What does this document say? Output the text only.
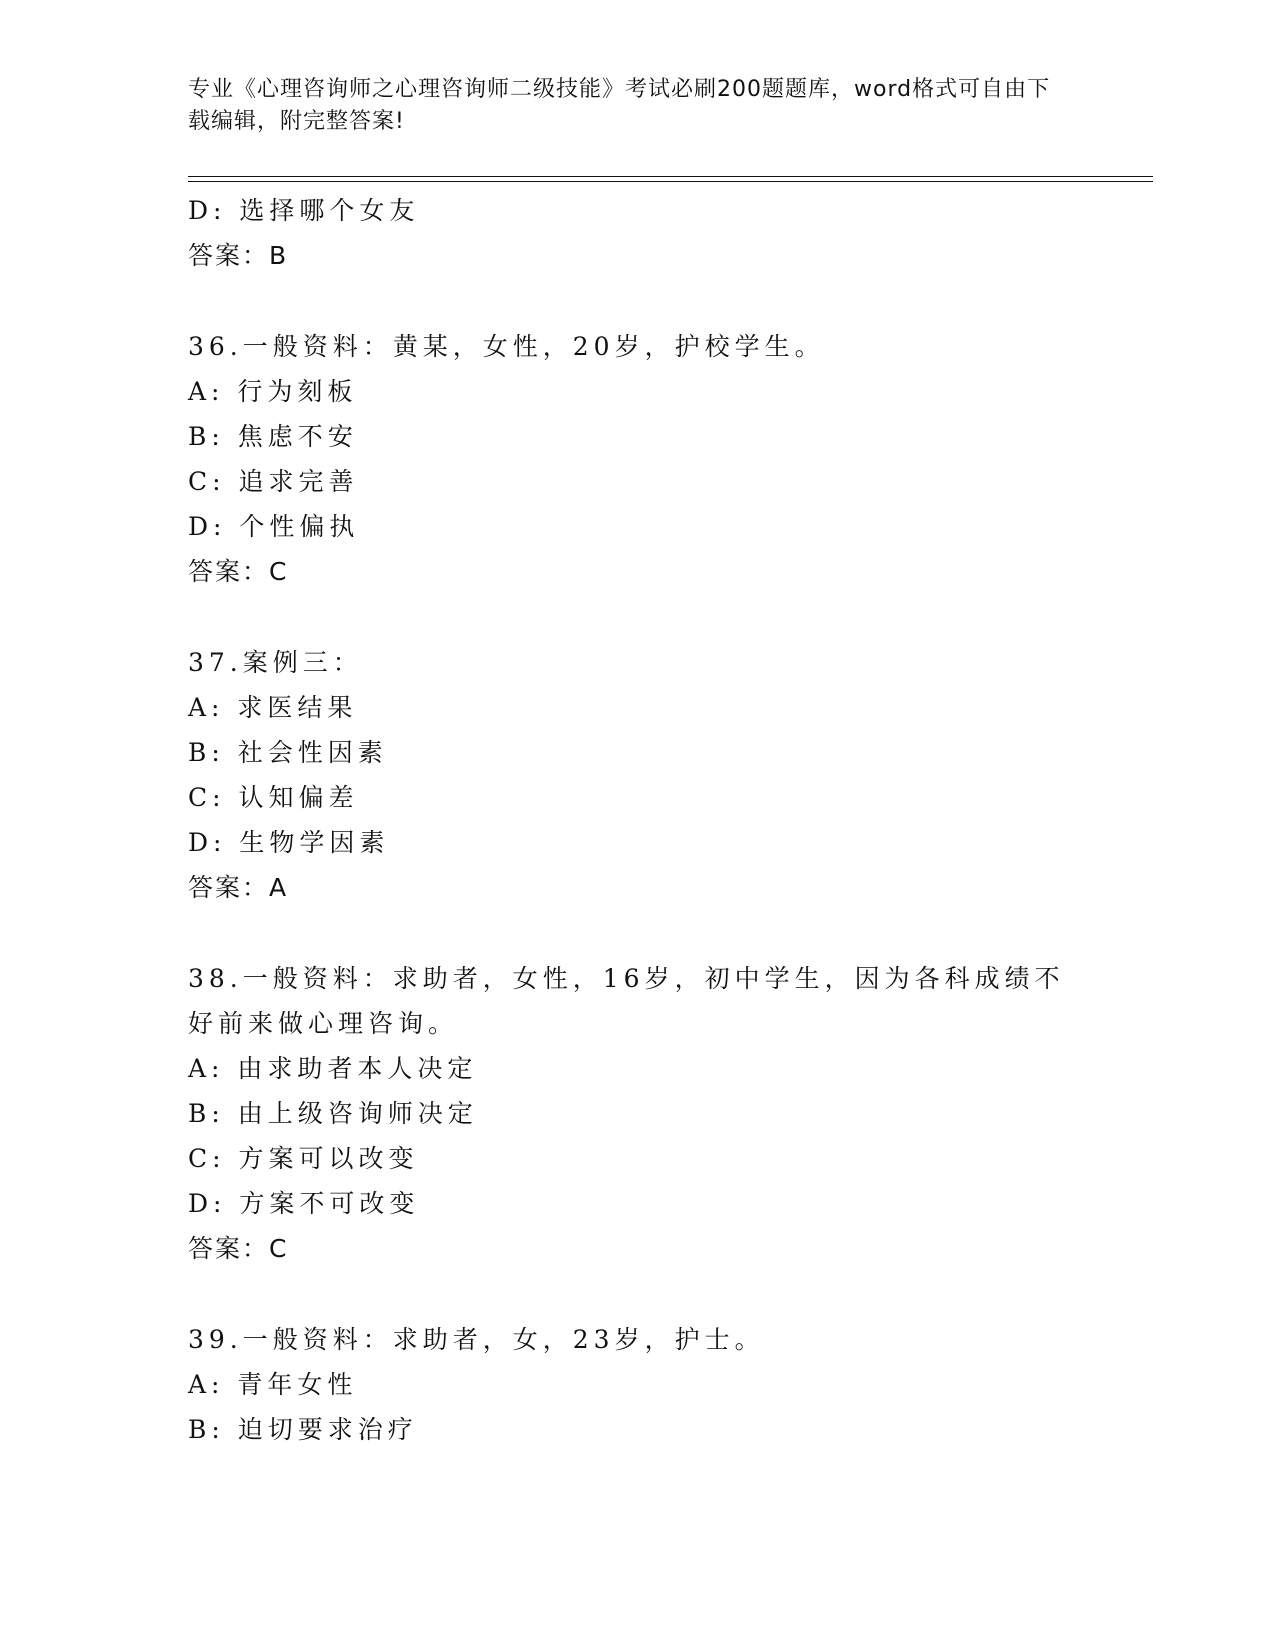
专业《心理咨询师之心理咨询师二级技能》考试必刷200题题库，word格式可自由下载编辑，附完整答案!
D: 选择哪个女友
答案：B
36.一般资料：黄某，女性，20岁，护校学生。
A: 行为刻板
B: 焦虑不安
C: 追求完善
D: 个性偏执
答案：C
37.案例三：
A: 求医结果
B: 社会性因素
C: 认知偏差
D: 生物学因素
答案：A
38.一般资料：求助者，女性，16岁，初中学生，因为各科成绩不好前来做心理咨询。
A: 由求助者本人决定
B: 由上级咨询师决定
C: 方案可以改变
D: 方案不可改变
答案：C
39.一般资料：求助者，女，23岁，护士。
A: 青年女性
B: 迫切要求治疗
